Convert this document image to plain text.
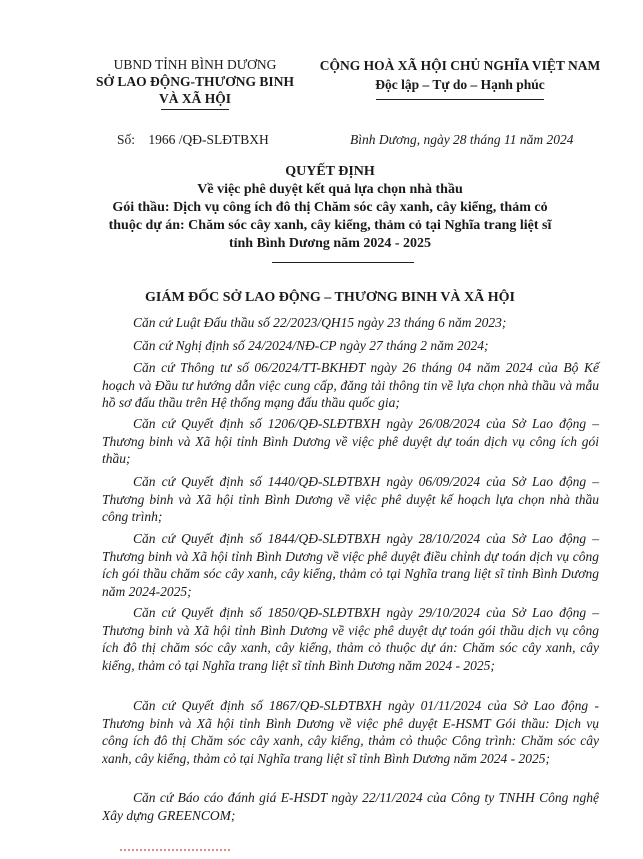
UBND TỈNH BÌNH DƯƠNG
SỞ LAO ĐỘNG-THƯƠNG BINH
VÀ XÃ HỘI
CỘNG HOÀ XÃ HỘI CHỦ NGHĨA VIỆT NAM
Độc lập – Tự do – Hạnh phúc
Số: 1966 /QĐ-SLĐTBXH	Bình Dương, ngày 28 tháng 11 năm 2024
QUYẾT ĐỊNH
Về việc phê duyệt kết quả lựa chọn nhà thầu
Gói thầu: Dịch vụ công ích đô thị Chăm sóc cây xanh, cây kiểng, thảm cỏ
thuộc dự án: Chăm sóc cây xanh, cây kiểng, thảm cỏ tại Nghĩa trang liệt sĩ
tỉnh Bình Dương năm 2024 - 2025
GIÁM ĐỐC SỞ LAO ĐỘNG – THƯƠNG BINH VÀ XÃ HỘI
Căn cứ Luật Đấu thầu số 22/2023/QH15 ngày 23 tháng 6 năm 2023;
Căn cứ Nghị định số 24/2024/NĐ-CP ngày 27 tháng 2 năm 2024;
Căn cứ Thông tư số 06/2024/TT-BKHĐT ngày 26 tháng 04 năm 2024 của Bộ Kế hoạch và Đầu tư hướng dẫn việc cung cấp, đăng tải thông tin về lựa chọn nhà thầu và mẫu hồ sơ đấu thầu trên Hệ thống mạng đấu thầu quốc gia;
Căn cứ Quyết định số 1206/QĐ-SLĐTBXH ngày 26/08/2024 của Sở Lao động – Thương binh và Xã hội tỉnh Bình Dương về việc phê duyệt dự toán dịch vụ công ích gói thầu;
Căn cứ Quyết định số 1440/QĐ-SLĐTBXH ngày 06/09/2024 của Sở Lao động – Thương binh và Xã hội tỉnh Bình Dương về việc phê duyệt kế hoạch lựa chọn nhà thầu công trình;
Căn cứ Quyết định số 1844/QĐ-SLĐTBXH ngày 28/10/2024 của Sở Lao động – Thương binh và Xã hội tỉnh Bình Dương về việc phê duyệt điều chỉnh dự toán dịch vụ công ích gói thầu chăm sóc cây xanh, cây kiểng, thảm cỏ tại Nghĩa trang liệt sĩ tỉnh Bình Dương năm 2024-2025;
Căn cứ Quyết định số 1850/QĐ-SLĐTBXH ngày 29/10/2024 của Sở Lao động – Thương binh và Xã hội tỉnh Bình Dương về việc phê duyệt dự toán gói thầu dịch vụ công ích đô thị chăm sóc cây xanh, cây kiểng, thảm cỏ thuộc dự án: Chăm sóc cây xanh, cây kiểng, thảm cỏ tại Nghĩa trang liệt sĩ tỉnh Bình Dương năm 2024 - 2025;
Căn cứ Quyết định số 1867/QĐ-SLĐTBXH ngày 01/11/2024 của Sở Lao động - Thương binh và Xã hội tỉnh Bình Dương về việc phê duyệt E-HSMT Gói thầu: Dịch vụ công ích đô thị Chăm sóc cây xanh, cây kiểng, thảm cỏ thuộc Công trình: Chăm sóc cây xanh, cây kiểng, thảm cỏ tại Nghĩa trang liệt sĩ tỉnh Bình Dương năm 2024 - 2025;
Căn cứ Báo cáo đánh giá E-HSDT ngày 22/11/2024 của Công ty TNHH Công nghệ Xây dựng GREENCOM;
